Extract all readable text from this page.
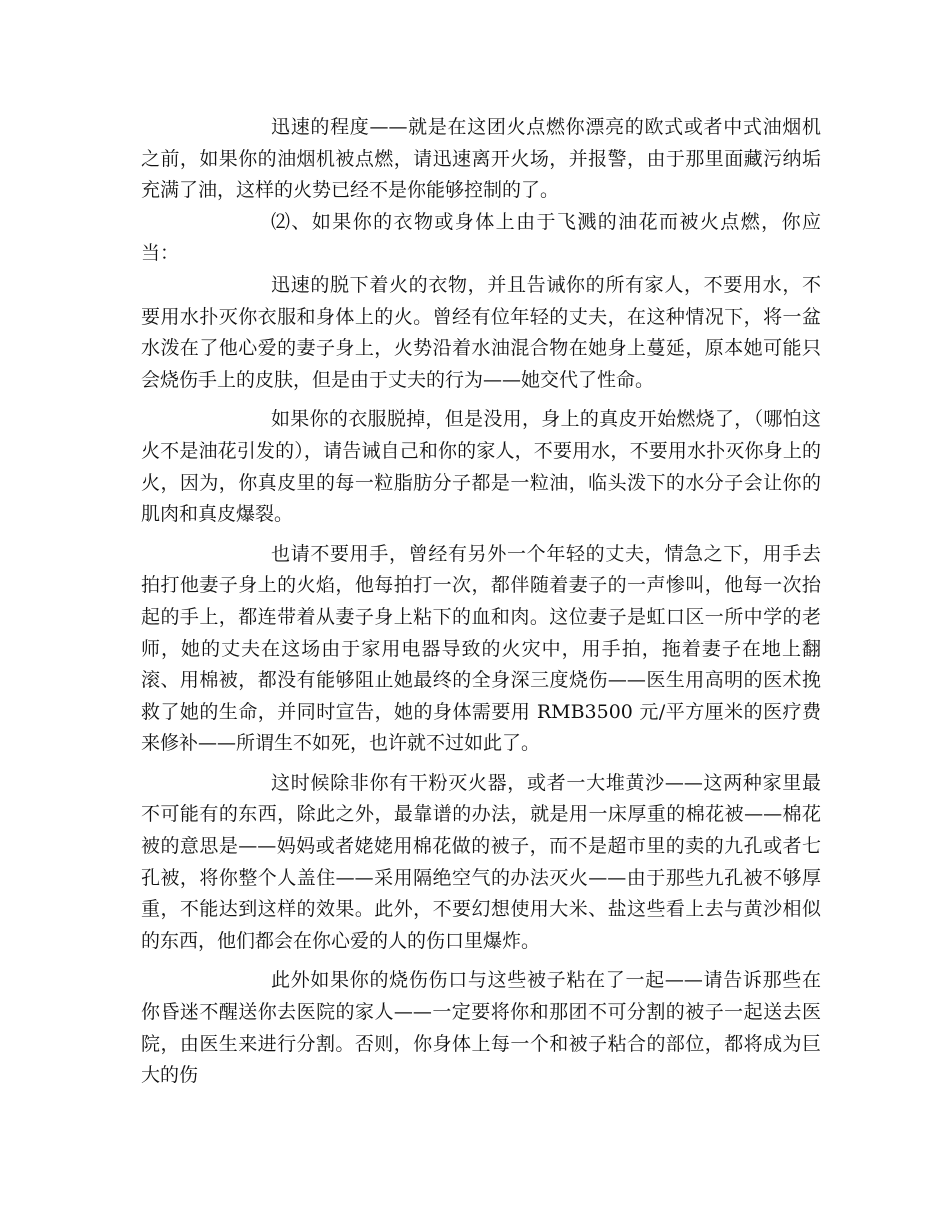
迅速的程度——就是在这团火点燃你漂亮的欧式或者中式油烟机之前，如果你的油烟机被点燃，请迅速离开火场，并报警，由于那里面藏污纳垢充满了油，这样的火势已经不是你能够控制的了。

⑵、如果你的衣物或身体上由于飞溅的油花而被火点燃，你应当：

迅速的脱下着火的衣物，并且告诫你的所有家人，不要用水，不要用水扑灭你衣服和身体上的火。曾经有位年轻的丈夫，在这种情况下，将一盆水泼在了他心爱的妻子身上，火势沿着水油混合物在她身上蔓延，原本她可能只会烧伤手上的皮肤，但是由于丈夫的行为——她交代了性命。

如果你的衣服脱掉，但是没用，身上的真皮开始燃烧了，（哪怕这火不是油花引发的），请告诫自己和你的家人，不要用水，不要用水扑灭你身上的火，因为，你真皮里的每一粒脂肪分子都是一粒油，临头泼下的水分子会让你的肌肉和真皮爆裂。

也请不要用手，曾经有另外一个年轻的丈夫，情急之下，用手去拍打他妻子身上的火焰，他每拍打一次，都伴随着妻子的一声惨叫，他每一次抬起的手上，都连带着从妻子身上粘下的血和肉。这位妻子是虹口区一所中学的老师，她的丈夫在这场由于家用电器导致的火灾中，用手拍，拖着妻子在地上翻滚、用棉被，都没有能够阻止她最终的全身深三度烧伤——医生用高明的医术挽救了她的生命，并同时宣告，她的身体需要用 RMB3500 元/平方厘米的医疗费来修补——所谓生不如死，也许就不过如此了。

这时候除非你有干粉灭火器，或者一大堆黄沙——这两种家里最不可能有的东西，除此之外，最靠谱的办法，就是用一床厚重的棉花被——棉花被的意思是——妈妈或者姥姥用棉花做的被子，而不是超市里的卖的九孔或者七孔被，将你整个人盖住——采用隔绝空气的办法灭火——由于那些九孔被不够厚重，不能达到这样的效果。此外，不要幻想使用大米、盐这些看上去与黄沙相似的东西，他们都会在你心爱的人的伤口里爆炸。

此外如果你的烧伤伤口与这些被子粘在了一起——请告诉那些在你昏迷不醒送你去医院的家人——一定要将你和那团不可分割的被子一起送去医院，由医生来进行分割。否则，你身体上每一个和被子粘合的部位，都将成为巨大的伤
